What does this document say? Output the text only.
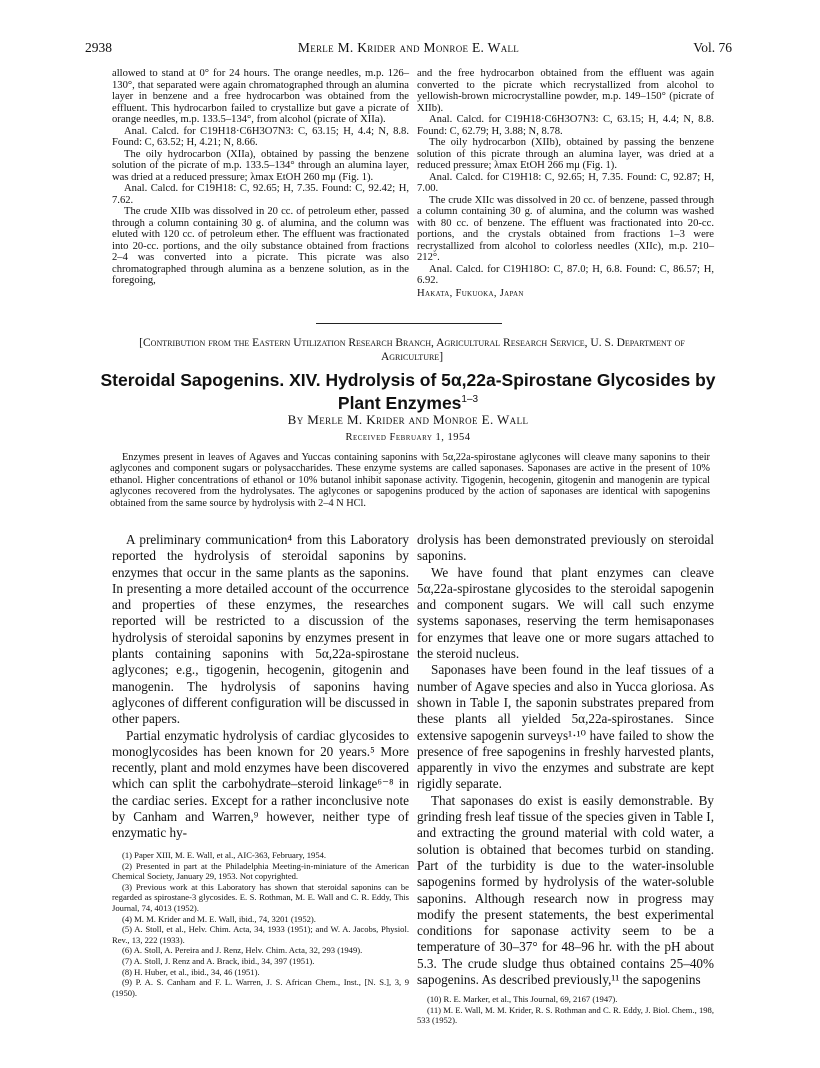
2938	Merle M. Krider and Monroe E. Wall	Vol. 76

allowed to stand at 0° for 24 hours. The orange needles, m.p. 126–130°, that separated were again chromatographed through an alumina layer in benzene and a free hydrocarbon was obtained from the effluent. This hydrocarbon failed to crystallize but gave a picrate of orange needles, m.p. 133.5–134°, from alcohol (picrate of XIIa).

Anal. Calcd. for C19H18·C6H3O7N3: C, 63.15; H, 4.4; N, 8.8. Found: C, 63.52; H, 4.21; N, 8.66.

The oily hydrocarbon (XIIa), obtained by passing the benzene solution of the picrate of m.p. 133.5–134° through an alumina layer, was dried at a reduced pressure; λmax EtOH 260 mμ (Fig. 1).

Anal. Calcd. for C19H18: C, 92.65; H, 7.35. Found: C, 92.42; H, 7.62.

The crude XIIb was dissolved in 20 cc. of petroleum ether, passed through a column containing 30 g. of alumina, and the column was eluted with 120 cc. of petroleum ether. The effluent was fractionated into 20-cc. portions, and the oily substance obtained from fractions 2–4 was converted into a picrate. This picrate was also chromatographed through alumina as a benzene solution, as in the foregoing,

and the free hydrocarbon obtained from the effluent was again converted to the picrate which recrystallized from alcohol to yellowish-brown microcrystalline powder, m.p. 149–150° (picrate of XIIb).

Anal. Calcd. for C19H18·C6H3O7N3: C, 63.15; H, 4.4; N, 8.8. Found: C, 62.79; H, 3.88; N, 8.78.

The oily hydrocarbon (XIIb), obtained by passing the benzene solution of this picrate through an alumina layer, was dried at a reduced pressure; λmax EtOH 266 mμ (Fig. 1).

Anal. Calcd. for C19H18: C, 92.65; H, 7.35. Found: C, 92.87; H, 7.00.

The crude XIIc was dissolved in 20 cc. of benzene, passed through a column containing 30 g. of alumina, and the column was washed with 80 cc. of benzene. The effluent was fractionated into 20-cc. portions, and the crystals obtained from fractions 1–3 were recrystallized from alcohol to colorless needles (XIIc), m.p. 210–212°.

Anal. Calcd. for C19H18O: C, 87.0; H, 6.8. Found: C, 86.57; H, 6.92.

Hakata, Fukuoka, Japan

[Contribution from the Eastern Utilization Research Branch, Agricultural Research Service, U. S. Department of Agriculture]
Steroidal Sapogenins. XIV. Hydrolysis of 5α,22a-Spirostane Glycosides by Plant Enzymes$^{1-3}$
By Merle M. Krider and Monroe E. Wall
Received February 1, 1954
Enzymes present in leaves of Agaves and Yuccas containing saponins with 5α,22a-spirostane aglycones will cleave many saponins to their aglycones and component sugars or polysaccharides. These enzyme systems are called saponases. Saponases are active in the present of 10% ethanol. Higher concentrations of ethanol or 10% butanol inhibit saponase activity. Tigogenin, hecogenin, gitogenin and manogenin are typical aglycones recovered from the hydrolysates. The aglycones or sapogenins produced by the action of saponases are identical with sapogenins obtained from the same source by hydrolysis with 2–4 N HCl.

A preliminary communication⁴ from this Laboratory reported the hydrolysis of steroidal saponins by enzymes that occur in the same plants as the saponins. In presenting a more detailed account of the occurrence and properties of these enzymes, the researches reported will be restricted to a discussion of the hydrolysis of steroidal saponins by enzymes present in plants containing saponins with 5α,22a-spirostane aglycones; e.g., tigogenin, hecogenin, gitogenin and manogenin. The hydrolysis of saponins having aglycones of different configuration will be discussed in other papers.

Partial enzymatic hydrolysis of cardiac glycosides to monoglycosides has been known for 20 years.⁵ More recently, plant and mold enzymes have been discovered which can split the carbohydrate–steroid linkage⁶⁻⁸ in the cardiac series. Except for a rather inconclusive note by Canham and Warren,⁹ however, neither type of enzymatic hy-

drolysis has been demonstrated previously on steroidal saponins.

We have found that plant enzymes can cleave 5α,22a-spirostane glycosides to the steroidal sapogenin and component sugars. We will call such enzyme systems saponases, reserving the term hemisaponases for enzymes that leave one or more sugars attached to the steroid nucleus.

Saponases have been found in the leaf tissues of a number of Agave species and also in Yucca gloriosa. As shown in Table I, the saponin substrates prepared from these plants all yielded 5α,22a-spirostanes. Since extensive sapogenin surveys¹⋅¹⁰ have failed to show the presence of free sapogenins in freshly harvested plants, apparently in vivo the enzymes and substrate are kept rigidly separate.

That saponases do exist is easily demonstrable. By grinding fresh leaf tissue of the species given in Table I, and extracting the ground material with cold water, a solution is obtained that becomes turbid on standing. Part of the turbidity is due to the water-insoluble sapogenins formed by hydrolysis of the water-soluble saponins. Although research now in progress may modify the present statements, the best experimental conditions for saponase activity seem to be a temperature of 30–37° for 48–96 hr. with the pH about 5.3. The crude sludge thus obtained contains 25–40% sapogenins. As described previously,¹¹ the sapogenins

(1) Paper XIII, M. E. Wall, et al., AIC-363, February, 1954.

(2) Presented in part at the Philadelphia Meeting-in-miniature of the American Chemical Society, January 29, 1953. Not copyrighted.

(3) Previous work at this Laboratory has shown that steroidal saponins can be regarded as spirostane-3 glycosides. E. S. Rothman, M. E. Wall and C. R. Eddy, This Journal, 74, 4013 (1952).

(4) M. M. Krider and M. E. Wall, ibid., 74, 3201 (1952).

(5) A. Stoll, et al., Helv. Chim. Acta, 34, 1933 (1951); and W. A. Jacobs, Physiol. Rev., 13, 222 (1933).

(6) A. Stoll, A. Pereira and J. Renz, Helv. Chim. Acta, 32, 293 (1949).

(7) A. Stoll, J. Renz and A. Brack, ibid., 34, 397 (1951).

(8) H. Huber, et al., ibid., 34, 46 (1951).

(9) P. A. S. Canham and F. L. Warren, J. S. African Chem., Inst., [N. S.], 3, 9 (1950).

(10) R. E. Marker, et al., This Journal, 69, 2167 (1947).

(11) M. E. Wall, M. M. Krider, R. S. Rothman and C. R. Eddy, J. Biol. Chem., 198, 533 (1952).
